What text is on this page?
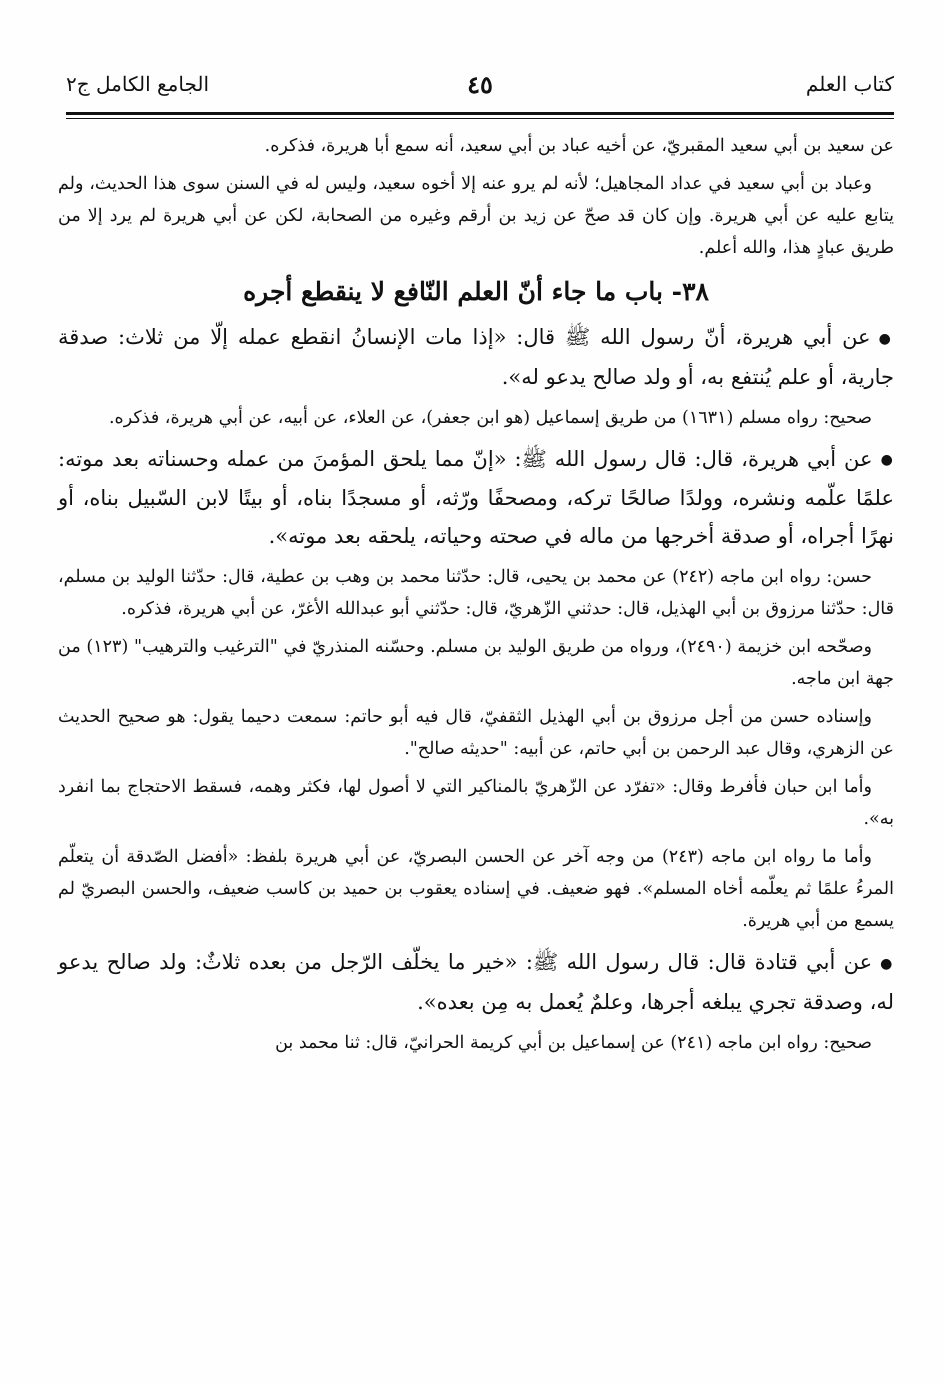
كتاب العلم
٤٥
الجامع الكامل ج٢

عن سعيد بن أبي سعيد المقبريّ، عن أخيه عباد بن أبي سعيد، أنه سمع أبا هريرة، فذكره.

وعباد بن أبي سعيد في عداد المجاهيل؛ لأنه لم يرو عنه إلا أخوه سعيد، وليس له في السنن سوى هذا الحديث، ولم يتابع عليه عن أبي هريرة. وإن كان قد صحّ عن زيد بن أرقم وغيره من الصحابة، لكن عن أبي هريرة لم يرد إلا من طريق عبادٍ هذا، والله أعلم.

٣٨- باب ما جاء أنّ العلم النّافع لا ينقطع أجره

●عن أبي هريرة، أنّ رسول الله ﷺ قال: «إذا مات الإنسانُ انقطع عمله إلّا من ثلاث: صدقة جارية، أو علم يُنتفع به، أو ولد صالح يدعو له».

صحيح: رواه مسلم (١٦٣١) من طريق إسماعيل (هو ابن جعفر)، عن العلاء، عن أبيه، عن أبي هريرة، فذكره.

●عن أبي هريرة، قال: قال رسول الله ﷺ: «إنّ مما يلحق المؤمنَ من عمله وحسناته بعد موته: علمًا علّمه ونشره، وولدًا صالحًا تركه، ومصحفًا ورّثه، أو مسجدًا بناه، أو بيتًا لابن السّبيل بناه، أو نهرًا أجراه، أو صدقة أخرجها من ماله في صحته وحياته، يلحقه بعد موته».

حسن: رواه ابن ماجه (٢٤٢) عن محمد بن يحيى، قال: حدّثنا محمد بن وهب بن عطية، قال: حدّثنا الوليد بن مسلم، قال: حدّثنا مرزوق بن أبي الهذيل، قال: حدثني الزّهريّ، قال: حدّثني أبو عبدالله الأغرّ، عن أبي هريرة، فذكره.

وصحّحه ابن خزيمة (٢٤٩٠)، ورواه من طريق الوليد بن مسلم. وحسّنه المنذريّ في "الترغيب والترهيب" (١٢٣) من جهة ابن ماجه.

وإسناده حسن من أجل مرزوق بن أبي الهذيل الثقفيّ، قال فيه أبو حاتم: سمعت دحيما يقول: هو صحيح الحديث عن الزهري، وقال عبد الرحمن بن أبي حاتم، عن أبيه: "حديثه صالح".

وأما ابن حبان فأفرط وقال: «تفرّد عن الزّهريّ بالمناكير التي لا أصول لها، فكثر وهمه، فسقط الاحتجاج بما انفرد به».

وأما ما رواه ابن ماجه (٢٤٣) من وجه آخر عن الحسن البصريّ، عن أبي هريرة بلفظ: «أفضل الصّدقة أن يتعلّم المرءُ علمًا ثم يعلّمه أخاه المسلم». فهو ضعيف. في إسناده يعقوب بن حميد بن كاسب ضعيف، والحسن البصريّ لم يسمع من أبي هريرة.

●عن أبي قتادة قال: قال رسول الله ﷺ: «خير ما يخلّف الرّجل من بعده ثلاثٌ: ولد صالح يدعو له، وصدقة تجري يبلغه أجرها، وعلمٌ يُعمل به مِن بعده».

صحيح: رواه ابن ماجه (٢٤١) عن إسماعيل بن أبي كريمة الحرانيّ، قال: ثنا محمد بن
